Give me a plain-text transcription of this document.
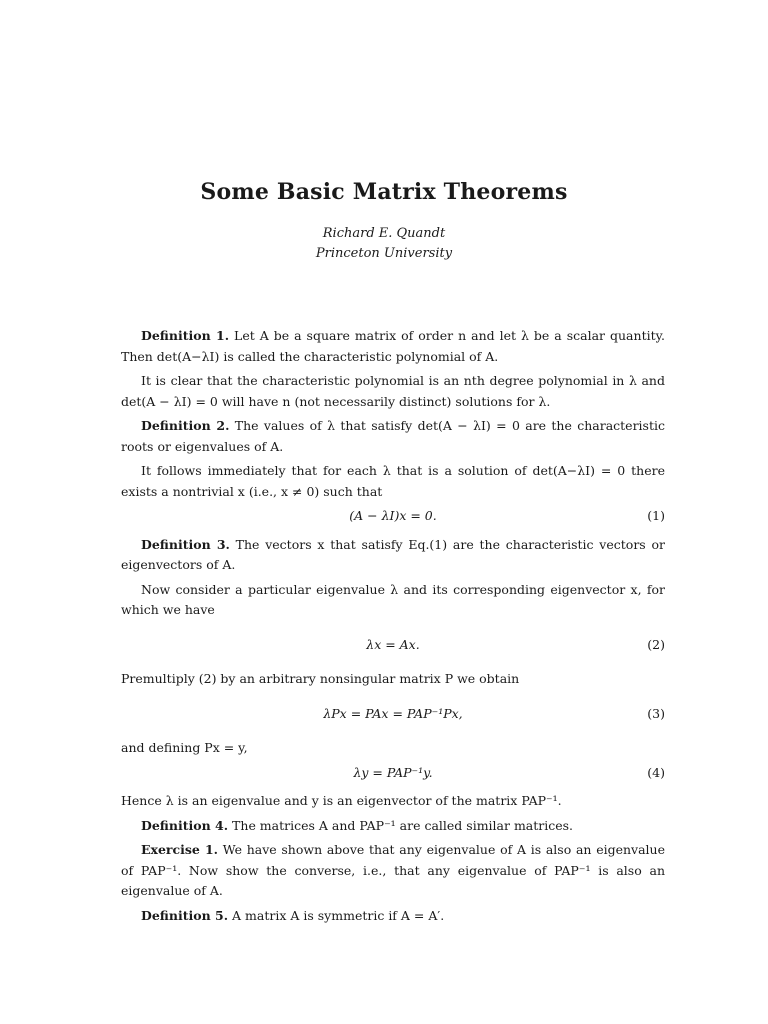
Some Basic Matrix Theorems
Richard E. Quandt
Princeton University

Definition 1. Let A be a square matrix of order n and let λ be a scalar quantity. Then det(A−λI) is called the characteristic polynomial of A.

It is clear that the characteristic polynomial is an nth degree polynomial in λ and det(A − λI) = 0 will have n (not necessarily distinct) solutions for λ.

Definition 2. The values of λ that satisfy det(A − λI) = 0 are the characteristic roots or eigenvalues of A.

It follows immediately that for each λ that is a solution of det(A−λI) = 0 there exists a nontrivial x (i.e., x ≠ 0) such that

(A − λI)x = 0.	(1)

Definition 3. The vectors x that satisfy Eq.(1) are the characteristic vectors or eigenvectors of A.

Now consider a particular eigenvalue λ and its corresponding eigenvector x, for which we have

λx = Ax.	(2)

Premultiply (2) by an arbitrary nonsingular matrix P we obtain

λPx = PAx = PAP⁻¹Px,	(3)

and defining Px = y,

λy = PAP⁻¹y.	(4)

Hence λ is an eigenvalue and y is an eigenvector of the matrix PAP⁻¹.

Definition 4. The matrices A and PAP⁻¹ are called similar matrices.

Exercise 1. We have shown above that any eigenvalue of A is also an eigenvalue of PAP⁻¹. Now show the converse, i.e., that any eigenvalue of PAP⁻¹ is also an eigenvalue of A.

Definition 5. A matrix A is symmetric if A = A′.
